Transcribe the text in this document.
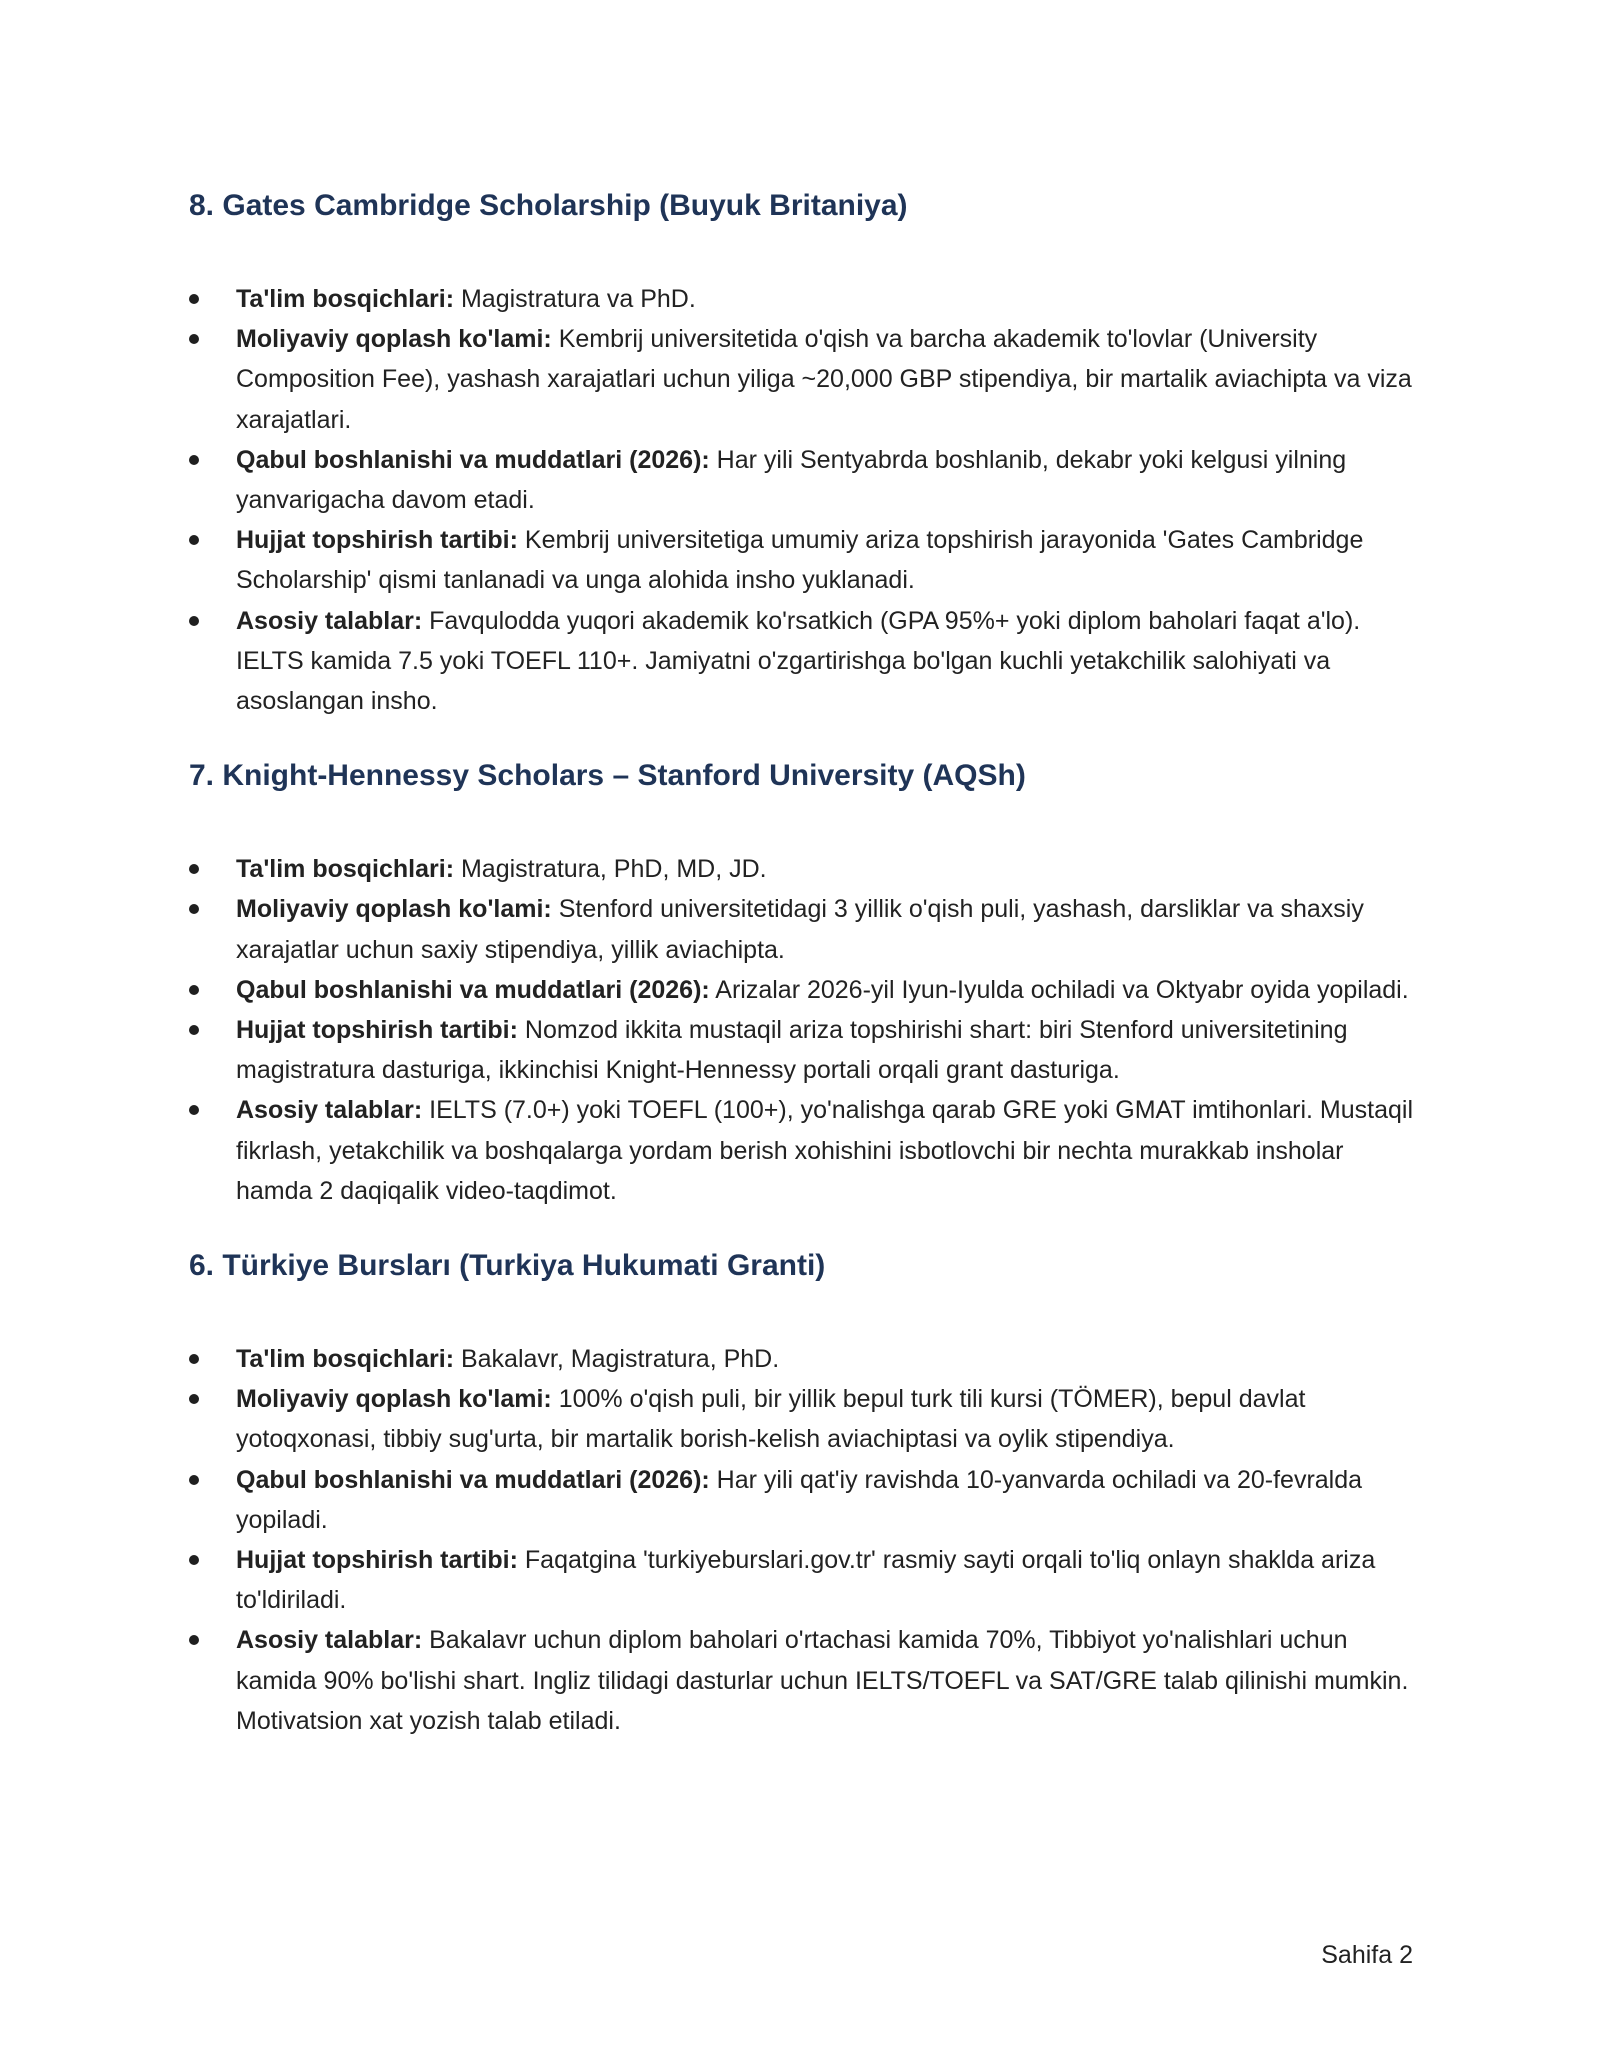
8. Gates Cambridge Scholarship (Buyuk Britaniya)
Ta'lim bosqichlari: Magistratura va PhD.
Moliyaviy qoplash ko'lami: Kembrij universitetida o'qish va barcha akademik to'lovlar (University Composition Fee), yashash xarajatlari uchun yiliga ~20,000 GBP stipendiya, bir martalik aviachipta va viza xarajatlari.
Qabul boshlanishi va muddatlari (2026): Har yili Sentyabrda boshlanib, dekabr yoki kelgusi yilning yanvarigacha davom etadi.
Hujjat topshirish tartibi: Kembrij universitetiga umumiy ariza topshirish jarayonida 'Gates Cambridge Scholarship' qismi tanlanadi va unga alohida insho yuklanadi.
Asosiy talablar: Favqulodda yuqori akademik ko'rsatkich (GPA 95%+ yoki diplom baholari faqat a'lo). IELTS kamida 7.5 yoki TOEFL 110+. Jamiyatni o'zgartirishga bo'lgan kuchli yetakchilik salohiyati va asoslangan insho.
7. Knight-Hennessy Scholars – Stanford University (AQSh)
Ta'lim bosqichlari: Magistratura, PhD, MD, JD.
Moliyaviy qoplash ko'lami: Stenford universitetidagi 3 yillik o'qish puli, yashash, darsliklar va shaxsiy xarajatlar uchun saxiy stipendiya, yillik aviachipta.
Qabul boshlanishi va muddatlari (2026): Arizalar 2026-yil Iyun-Iyulda ochiladi va Oktyabr oyida yopiladi.
Hujjat topshirish tartibi: Nomzod ikkita mustaqil ariza topshirishi shart: biri Stenford universitetining magistratura dasturiga, ikkinchisi Knight-Hennessy portali orqali grant dasturiga.
Asosiy talablar: IELTS (7.0+) yoki TOEFL (100+), yo'nalishga qarab GRE yoki GMAT imtihonlari. Mustaqil fikrlash, yetakchilik va boshqalarga yordam berish xohishini isbotlovchi bir nechta murakkab insholar hamda 2 daqiqalik video-taqdimot.
6. Türkiye Bursları (Turkiya Hukumati Granti)
Ta'lim bosqichlari: Bakalavr, Magistratura, PhD.
Moliyaviy qoplash ko'lami: 100% o'qish puli, bir yillik bepul turk tili kursi (TÖMER), bepul davlat yotoqxonasi, tibbiy sug'urta, bir martalik borish-kelish aviachiptasi va oylik stipendiya.
Qabul boshlanishi va muddatlari (2026): Har yili qat'iy ravishda 10-yanvarda ochiladi va 20-fevralda yopiladi.
Hujjat topshirish tartibi: Faqatgina 'turkiyeburslari.gov.tr' rasmiy sayti orqali to'liq onlayn shaklda ariza to'ldiriladi.
Asosiy talablar: Bakalavr uchun diplom baholari o'rtachasi kamida 70%, Tibbiyot yo'nalishlari uchun kamida 90% bo'lishi shart. Ingliz tilidagi dasturlar uchun IELTS/TOEFL va SAT/GRE talab qilinishi mumkin. Motivatsion xat yozish talab etiladi.
Sahifa 2
